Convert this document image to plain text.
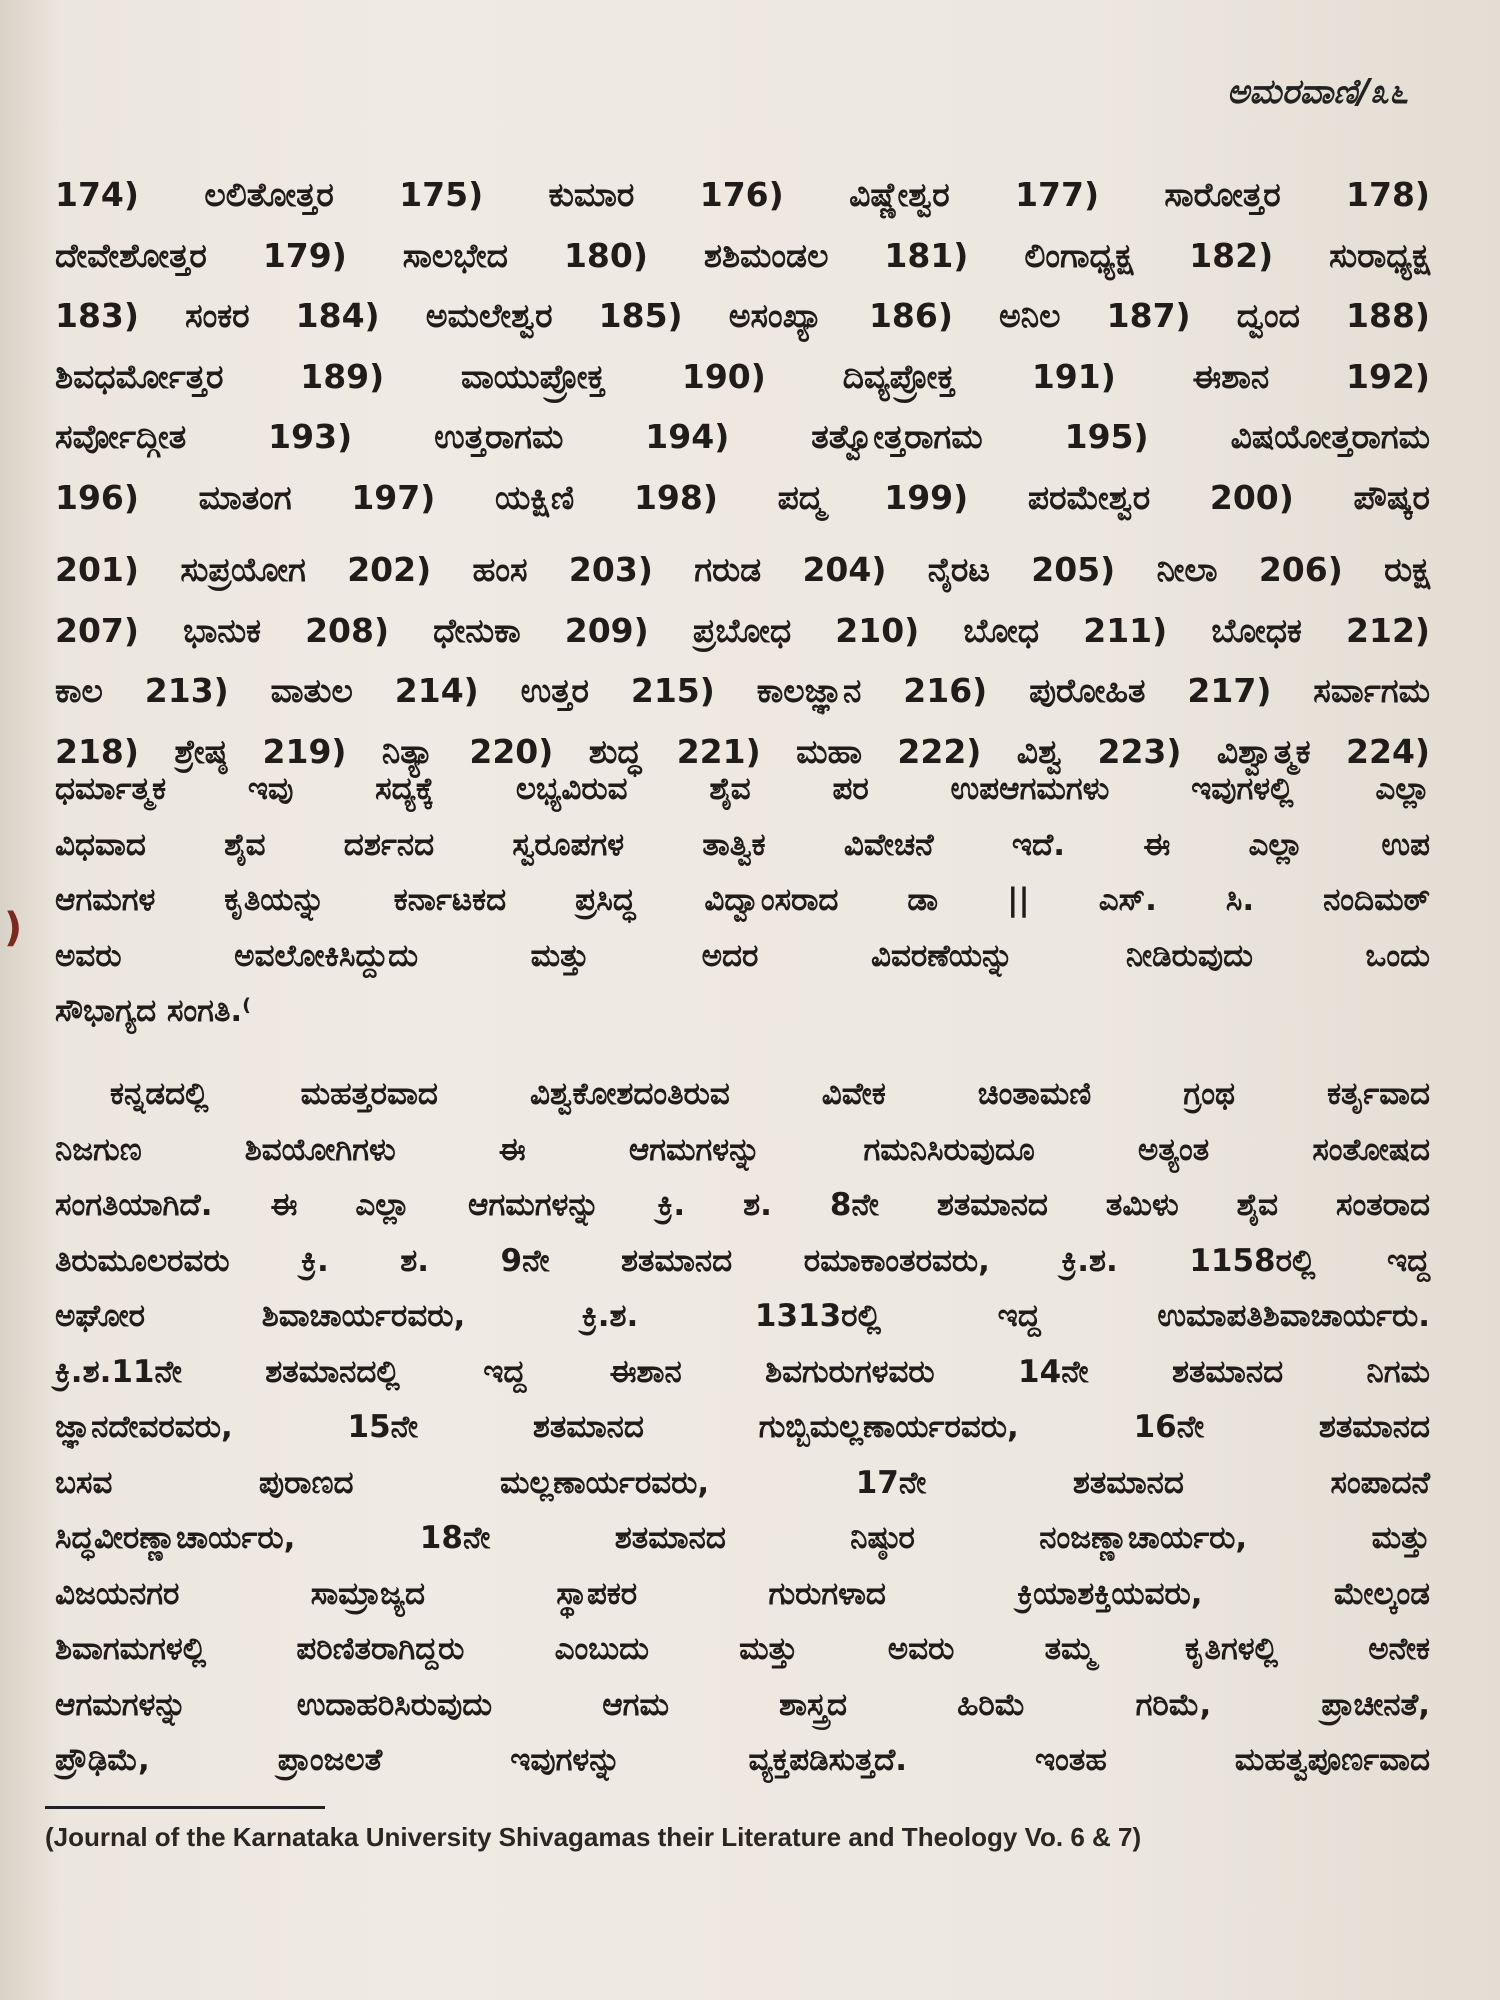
ಅಮರವಾಣಿ/೩೬
174) ಲಲಿತೋತ್ತರ 175) ಕುಮಾರ 176) ವಿಷ್ಣೇಶ್ವರ 177) ಸಾರೋತ್ತರ 178)
ದೇವೇಶೋತ್ತರ 179) ಸಾಲಭೇದ 180) ಶಶಿಮಂಡಲ 181) ಲಿಂಗಾಧ್ಯಕ್ಷ 182) ಸುರಾಧ್ಯಕ್ಷ
183) ಸಂಕರ 184) ಅಮಲೇಶ್ವರ 185) ಅಸಂಖ್ಯಾ 186) ಅನಿಲ 187) ದ್ವಂದ 188)
ಶಿವಧರ್ಮೋತ್ತರ 189) ವಾಯುಪ್ರೋಕ್ತ 190) ದಿವ್ಯಪ್ರೋಕ್ತ 191) ಈಶಾನ 192)
ಸರ್ವೋದ್ಗೀತ 193) ಉತ್ತರಾಗಮ 194) ತತ್ವೋತ್ತರಾಗಮ 195) ವಿಷಯೋತ್ತರಾಗಮ
196) ಮಾತಂಗ 197) ಯಕ್ಷಿಣಿ 198) ಪದ್ಮ 199) ಪರಮೇಶ್ವರ 200) ಪೌಷ್ಕರ
201) ಸುಪ್ರಯೋಗ 202) ಹಂಸ 203) ಗರುಡ 204) ನೈರಟ 205) ನೀಲಾ 206) ರುಕ್ಷ
207) ಭಾನುಕ 208) ಧೇನುಕಾ 209) ಪ್ರಬೋಧ 210) ಬೋಧ 211) ಬೋಧಕ 212)
ಕಾಲ 213) ವಾತುಲ 214) ಉತ್ತರ 215) ಕಾಲಜ್ಞಾನ 216) ಪುರೋಹಿತ 217) ಸರ್ವಾಗಮ
218) ಶ್ರೇಷ್ಠ 219) ನಿತ್ಯಾ 220) ಶುದ್ಧ 221) ಮಹಾ 222) ವಿಶ್ವ 223) ವಿಶ್ವಾತ್ಮಕ 224)
ಧರ್ಮಾತ್ಮಕ ಇವು ಸದ್ಯಕ್ಕೆ ಲಭ್ಯವಿರುವ ಶೈವ ಪರ ಉಪಆಗಮಗಳು ಇವುಗಳಲ್ಲಿ ಎಲ್ಲಾ
ವಿಧವಾದ ಶೈವ ದರ್ಶನದ ಸ್ವರೂಪಗಳ ತಾತ್ವಿಕ ವಿವೇಚನೆ ಇದೆ. ಈ ಎಲ್ಲಾ ಉಪ
ಆಗಮಗಳ ಕೃತಿಯನ್ನು ಕರ್ನಾಟಕದ ಪ್ರಸಿದ್ಧ ವಿದ್ವಾಂಸರಾದ ಡಾ || ಎಸ್. ಸಿ. ನಂದಿಮಠ್
ಅವರು ಅವಲೋಕಿಸಿದ್ದುದು ಮತ್ತು ಅದರ ವಿವರಣೆಯನ್ನು ನೀಡಿರುವುದು ಒಂದು
ಸೌಭಾಗ್ಯದ ಸಂಗತಿ.⁽
)
ಕನ್ನಡದಲ್ಲಿ ಮಹತ್ತರವಾದ ವಿಶ್ವಕೋಶದಂತಿರುವ ವಿವೇಕ ಚಿಂತಾಮಣಿ ಗ್ರಂಥ ಕರ್ತೃವಾದ
ನಿಜಗುಣ ಶಿವಯೋಗಿಗಳು ಈ ಆಗಮಗಳನ್ನು ಗಮನಿಸಿರುವುದೂ ಅತ್ಯಂತ ಸಂತೋಷದ
ಸಂಗತಿಯಾಗಿದೆ. ಈ ಎಲ್ಲಾ ಆಗಮಗಳನ್ನು ಕ್ರಿ. ಶ. 8ನೇ ಶತಮಾನದ ತಮಿಳು ಶೈವ ಸಂತರಾದ
ತಿರುಮೂಲರವರು ಕ್ರಿ. ಶ. 9ನೇ ಶತಮಾನದ ರಮಾಕಾಂತರವರು, ಕ್ರಿ.ಶ. 1158ರಲ್ಲಿ ಇದ್ದ
ಅಘೋರ ಶಿವಾಚಾರ್ಯರವರು, ಕ್ರಿ.ಶ. 1313ರಲ್ಲಿ ಇದ್ದ ಉಮಾಪತಿಶಿವಾಚಾರ್ಯರು.
ಕ್ರಿ.ಶ.11ನೇ ಶತಮಾನದಲ್ಲಿ ಇದ್ದ ಈಶಾನ ಶಿವಗುರುಗಳವರು 14ನೇ ಶತಮಾನದ ನಿಗಮ
ಜ್ಞಾನದೇವರವರು, 15ನೇ ಶತಮಾನದ ಗುಬ್ಬಿಮಲ್ಲಣಾರ್ಯರವರು, 16ನೇ ಶತಮಾನದ
ಬಸವ ಪುರಾಣದ ಮಲ್ಲಣಾರ್ಯರವರು, 17ನೇ ಶತಮಾನದ ಸಂಪಾದನೆ
ಸಿದ್ಧವೀರಣ್ಣಾಚಾರ್ಯರು, 18ನೇ ಶತಮಾನದ ನಿಷ್ಠುರ ನಂಜಣ್ಣಾಚಾರ್ಯರು, ಮತ್ತು
ವಿಜಯನಗರ ಸಾಮ್ರಾಜ್ಯದ ಸ್ಥಾಪಕರ ಗುರುಗಳಾದ ಕ್ರಿಯಾಶಕ್ತಿಯವರು, ಮೇಲ್ಕಂಡ
ಶಿವಾಗಮಗಳಲ್ಲಿ ಪರಿಣಿತರಾಗಿದ್ದರು ಎಂಬುದು ಮತ್ತು ಅವರು ತಮ್ಮ ಕೃತಿಗಳಲ್ಲಿ ಅನೇಕ
ಆಗಮಗಳನ್ನು ಉದಾಹರಿಸಿರುವುದು ಆಗಮ ಶಾಸ್ತ್ರದ ಹಿರಿಮೆ ಗರಿಮೆ, ಪ್ರಾಚೀನತೆ,
ಪ್ರೌಢಿಮೆ, ಪ್ರಾಂಜಲತೆ ಇವುಗಳನ್ನು ವ್ಯಕ್ತಪಡಿಸುತ್ತದೆ. ಇಂತಹ ಮಹತ್ವಪೂರ್ಣವಾದ
(Journal of the Karnataka University Shivagamas their Literature and Theology Vo. 6 & 7)
